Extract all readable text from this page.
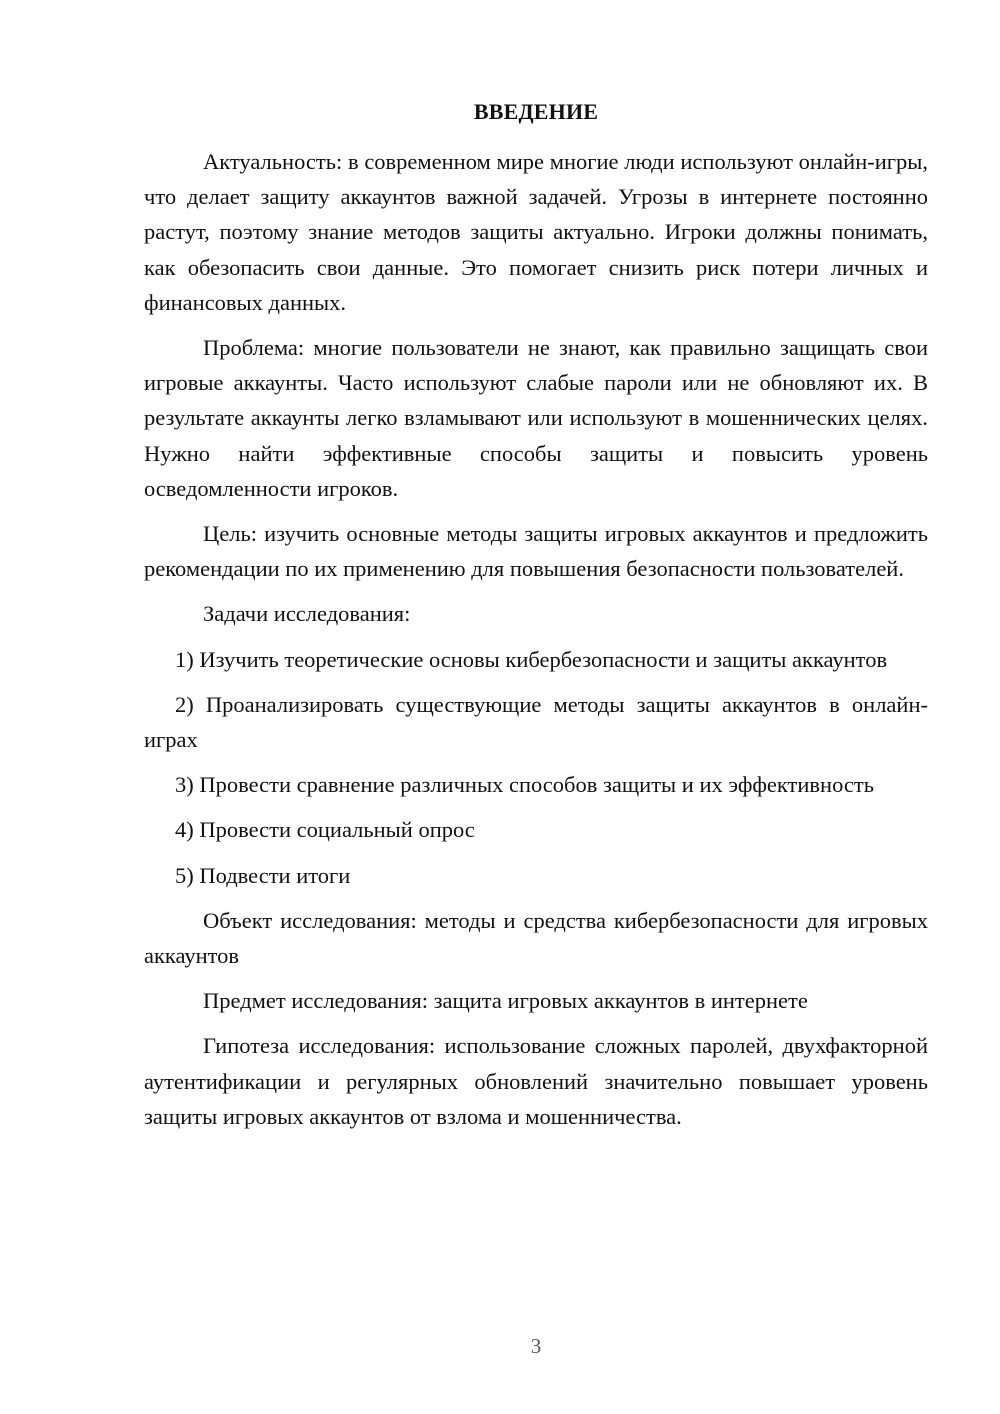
ВВЕДЕНИЕ

Актуальность: в современном мире многие люди используют онлайн-игры, что делает защиту аккаунтов важной задачей. Угрозы в интернете постоянно растут, поэтому знание методов защиты актуально. Игроки должны понимать, как обезопасить свои данные. Это помогает снизить риск потери личных и финансовых данных.

Проблема: многие пользователи не знают, как правильно защищать свои игровые аккаунты. Часто используют слабые пароли или не обновляют их. В результате аккаунты легко взламывают или используют в мошеннических целях. Нужно найти эффективные способы защиты и повысить уровень осведомленности игроков.

Цель: изучить основные методы защиты игровых аккаунтов и предложить рекомендации по их применению для повышения безопасности пользователей.

Задачи исследования:

1) Изучить теоретические основы кибербезопасности и защиты аккаунтов

2) Проанализировать существующие методы защиты аккаунтов в онлайн-играх

3) Провести сравнение различных способов защиты и их эффективность

4) Провести социальный опрос

5) Подвести итоги

Объект исследования: методы и средства кибербезопасности для игровых аккаунтов

Предмет исследования: защита игровых аккаунтов в интернете

Гипотеза исследования: использование сложных паролей, двухфакторной аутентификации и регулярных обновлений значительно повышает уровень защиты игровых аккаунтов от взлома и мошенничества.

3
